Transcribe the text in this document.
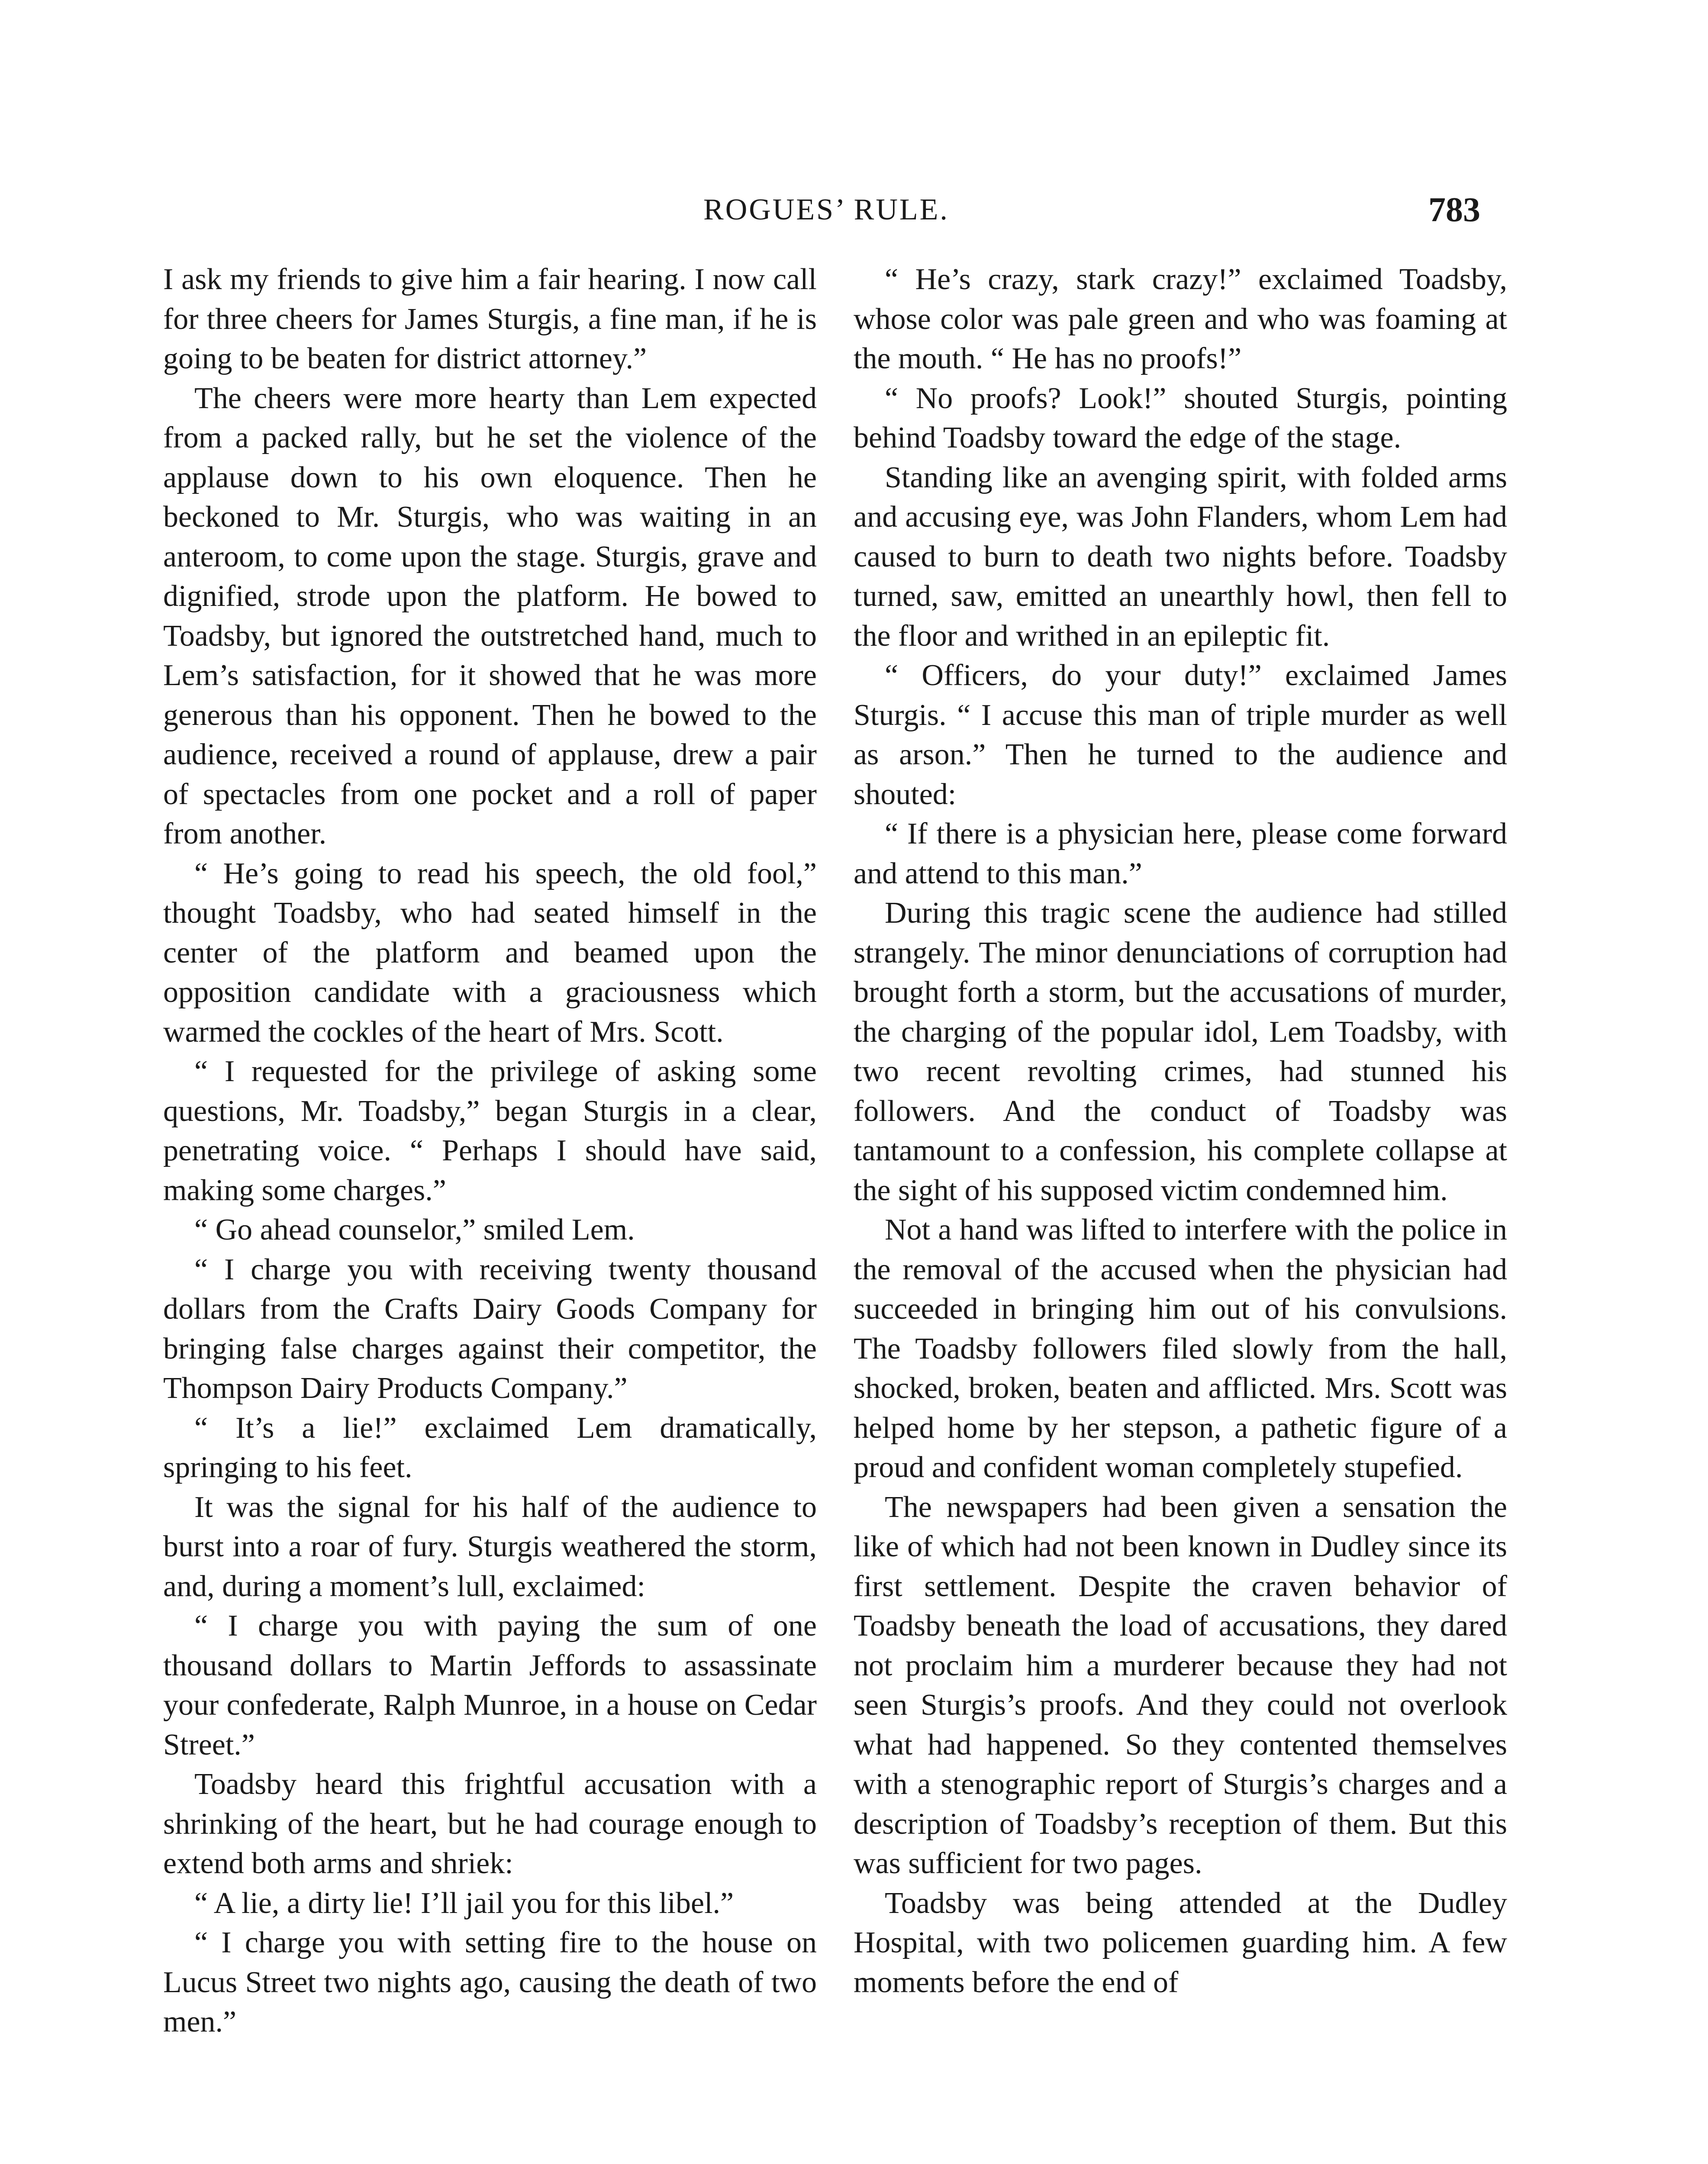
ROGUES’ RULE.	783

I ask my friends to give him a fair hearing. I now call for three cheers for James Sturgis, a fine man, if he is going to be beaten for district attorney.”

The cheers were more hearty than Lem expected from a packed rally, but he set the violence of the applause down to his own eloquence. Then he beckoned to Mr. Sturgis, who was waiting in an anteroom, to come upon the stage. Sturgis, grave and dignified, strode upon the platform. He bowed to Toadsby, but ignored the outstretched hand, much to Lem’s satisfaction, for it showed that he was more generous than his opponent. Then he bowed to the audience, received a round of applause, drew a pair of spectacles from one pocket and a roll of paper from another.

“ He’s going to read his speech, the old fool,” thought Toadsby, who had seated himself in the center of the platform and beamed upon the opposition candidate with a graciousness which warmed the cockles of the heart of Mrs. Scott.

“ I requested for the privilege of asking some questions, Mr. Toadsby,” began Sturgis in a clear, penetrating voice. “ Perhaps I should have said, making some charges.”

“ Go ahead counselor,” smiled Lem.

“ I charge you with receiving twenty thousand dollars from the Crafts Dairy Goods Company for bringing false charges against their competitor, the Thompson Dairy Products Company.”

“ It’s a lie!” exclaimed Lem dramatically, springing to his feet.

It was the signal for his half of the audience to burst into a roar of fury. Sturgis weathered the storm, and, during a moment’s lull, exclaimed:

“ I charge you with paying the sum of one thousand dollars to Martin Jeffords to assassinate your confederate, Ralph Munroe, in a house on Cedar Street.”

Toadsby heard this frightful accusation with a shrinking of the heart, but he had courage enough to extend both arms and shriek:

“ A lie, a dirty lie! I’ll jail you for this libel.”

“ I charge you with setting fire to the house on Lucus Street two nights ago, causing the death of two men.”

“ He’s crazy, stark crazy!” exclaimed Toadsby, whose color was pale green and who was foaming at the mouth. “ He has no proofs!”

“ No proofs? Look!” shouted Sturgis, pointing behind Toadsby toward the edge of the stage.

Standing like an avenging spirit, with folded arms and accusing eye, was John Flanders, whom Lem had caused to burn to death two nights before. Toadsby turned, saw, emitted an unearthly howl, then fell to the floor and writhed in an epileptic fit.

“ Officers, do your duty!” exclaimed James Sturgis. “ I accuse this man of triple murder as well as arson.” Then he turned to the audience and shouted:

“ If there is a physician here, please come forward and attend to this man.”

During this tragic scene the audience had stilled strangely. The minor denunciations of corruption had brought forth a storm, but the accusations of murder, the charging of the popular idol, Lem Toadsby, with two recent revolting crimes, had stunned his followers. And the conduct of Toadsby was tantamount to a confession, his complete collapse at the sight of his supposed victim condemned him.

Not a hand was lifted to interfere with the police in the removal of the accused when the physician had succeeded in bringing him out of his convulsions. The Toadsby followers filed slowly from the hall, shocked, broken, beaten and afflicted. Mrs. Scott was helped home by her stepson, a pathetic figure of a proud and confident woman completely stupefied.

The newspapers had been given a sensation the like of which had not been known in Dudley since its first settlement. Despite the craven behavior of Toadsby beneath the load of accusations, they dared not proclaim him a murderer because they had not seen Sturgis’s proofs. And they could not overlook what had happened. So they contented themselves with a stenographic report of Sturgis’s charges and a description of Toadsby’s reception of them. But this was sufficient for two pages.

Toadsby was being attended at the Dudley Hospital, with two policemen guarding him. A few moments before the end of
